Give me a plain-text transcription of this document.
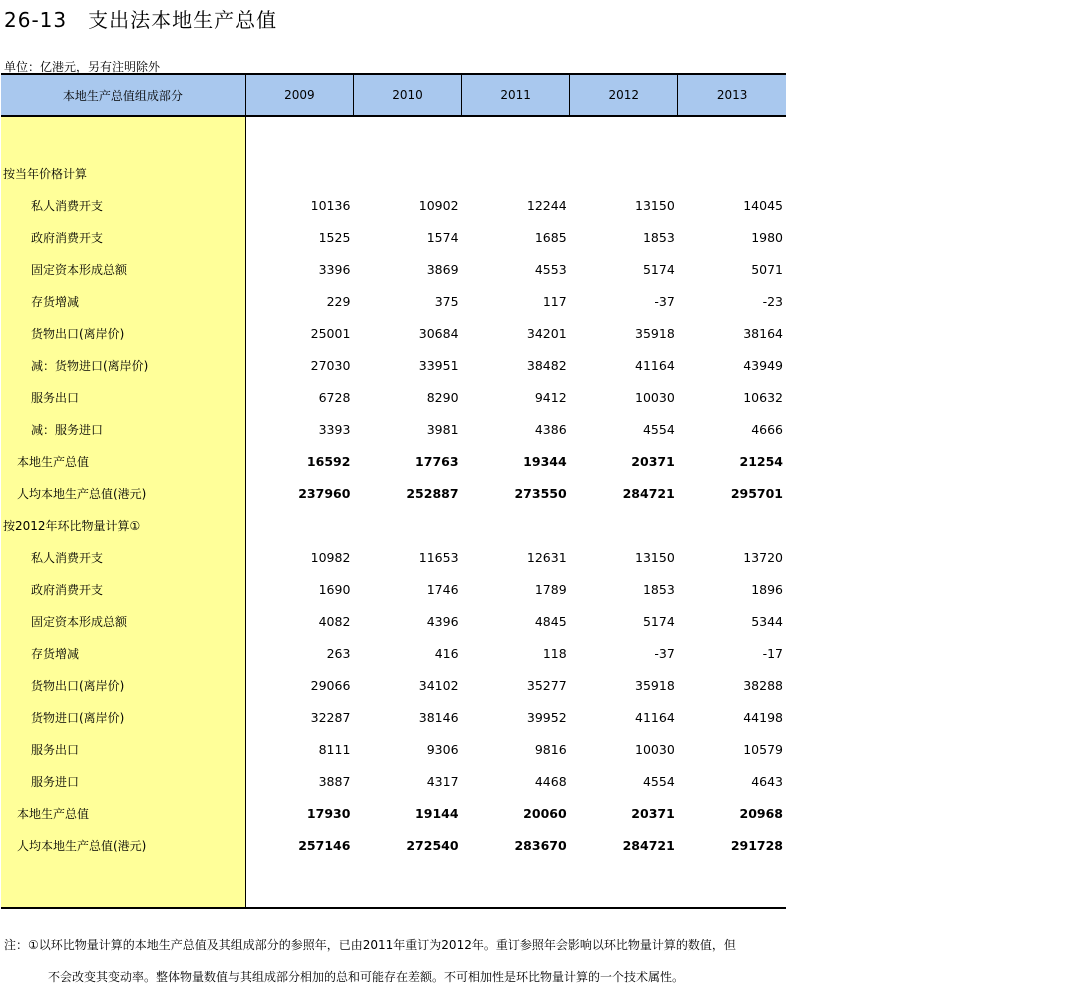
26-13　支出法本地生产总值
单位：亿港元，另有注明除外
本地生产总值组成部分	2009	2010	2011	2012	2013

按当年价格计算					
私人消费开支	10136	10902	12244	13150	14045
政府消费开支	1525	1574	1685	1853	1980
固定资本形成总额	3396	3869	4553	5174	5071
存货增减	229	375	117	-37	-23
货物出口(离岸价)	25001	30684	34201	35918	38164
减：货物进口(离岸价)	27030	33951	38482	41164	43949
服务出口	6728	8290	9412	10030	10632
减：服务进口	3393	3981	4386	4554	4666
本地生产总值	16592	17763	19344	20371	21254
人均本地生产总值(港元)	237960	252887	273550	284721	295701
按2012年环比物量计算①					
私人消费开支	10982	11653	12631	13150	13720
政府消费开支	1690	1746	1789	1853	1896
固定资本形成总额	4082	4396	4845	5174	5344
存货增减	263	416	118	-37	-17
货物出口(离岸价)	29066	34102	35277	35918	38288
货物进口(离岸价)	32287	38146	39952	41164	44198
服务出口	8111	9306	9816	10030	10579
服务进口	3887	4317	4468	4554	4643
本地生产总值	17930	19144	20060	20371	20968
人均本地生产总值(港元)	257146	272540	283670	284721	291728

注：①以环比物量计算的本地生产总值及其组成部分的参照年，已由2011年重订为2012年。重订参照年会影响以环比物量计算的数值，但
不会改变其变动率。整体物量数值与其组成部分相加的总和可能存在差额。不可相加性是环比物量计算的一个技术属性。
